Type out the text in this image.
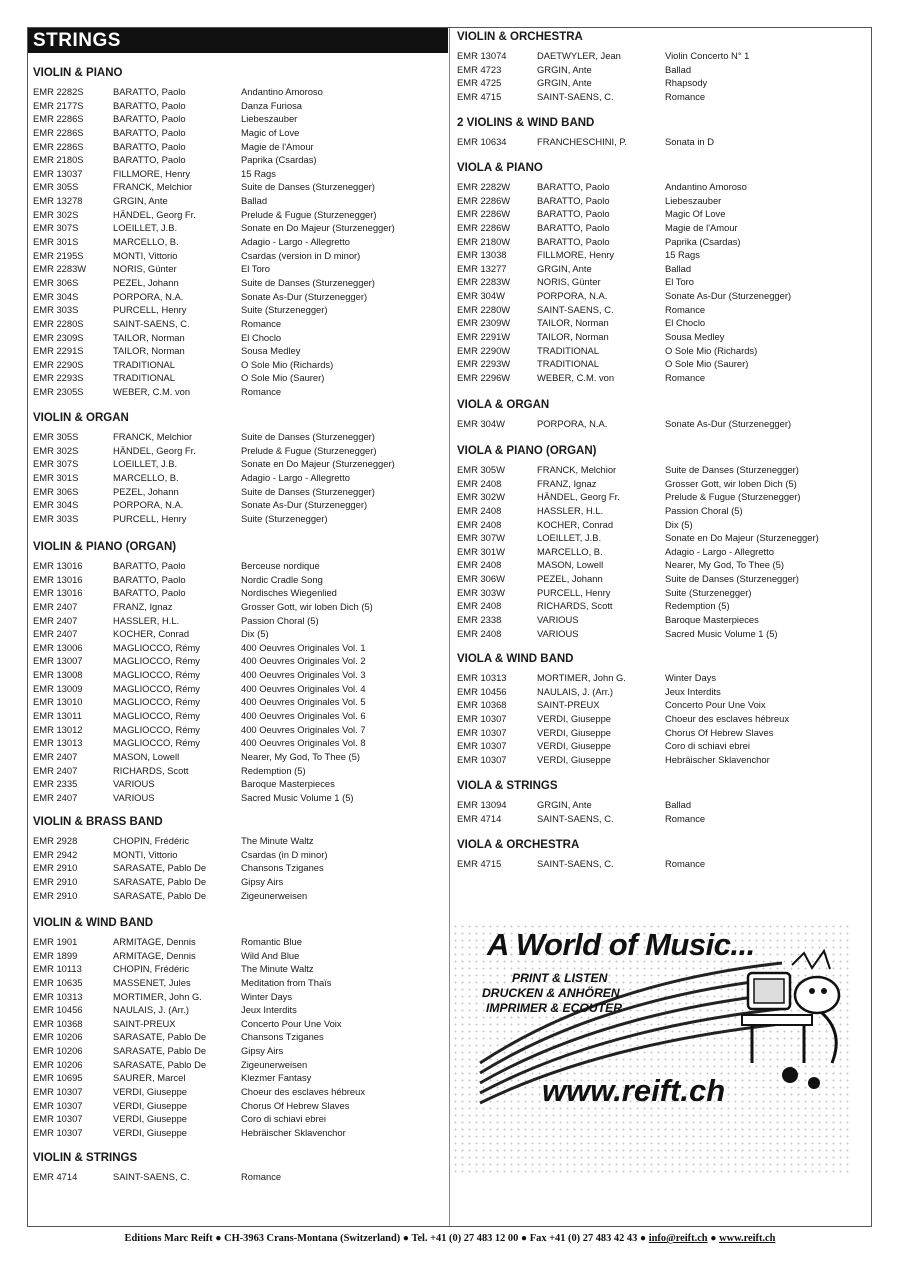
STRINGS
VIOLIN & PIANO
EMR 2282S	BARATTO, Paolo	Andantino Amoroso
EMR 2177S	BARATTO, Paolo	Danza Furiosa
EMR 2286S	BARATTO, Paolo	Liebeszauber
EMR 2286S	BARATTO, Paolo	Magic of Love
EMR 2286S	BARATTO, Paolo	Magie de l'Amour
EMR 2180S	BARATTO, Paolo	Paprika (Csardas)
EMR 13037	FILLMORE, Henry	15 Rags
EMR 305S	FRANCK, Melchior	Suite de Danses (Sturzenegger)
EMR 13278	GRGIN, Ante	Ballad
EMR 302S	HÄNDEL, Georg Fr.	Prelude & Fugue (Sturzenegger)
EMR 307S	LOEILLET, J.B.	Sonate en Do Majeur (Sturzenegger)
EMR 301S	MARCELLO, B.	Adagio - Largo - Allegretto
EMR 2195S	MONTI, Vittorio	Csardas (version in D minor)
EMR 2283W	NORIS, Günter	El Toro
EMR 306S	PEZEL, Johann	Suite de Danses (Sturzenegger)
EMR 304S	PORPORA, N.A.	Sonate As-Dur (Sturzenegger)
EMR 303S	PURCELL, Henry	Suite (Sturzenegger)
EMR 2280S	SAINT-SAENS, C.	Romance
EMR 2309S	TAILOR, Norman	El Choclo
EMR 2291S	TAILOR, Norman	Sousa Medley
EMR 2290S	TRADITIONAL	O Sole Mio (Richards)
EMR 2293S	TRADITIONAL	O Sole Mio (Saurer)
EMR 2305S	WEBER, C.M. von	Romance
VIOLIN & ORGAN
EMR 305S	FRANCK, Melchior	Suite de Danses (Sturzenegger)
EMR 302S	HÄNDEL, Georg Fr.	Prelude & Fugue (Sturzenegger)
EMR 307S	LOEILLET, J.B.	Sonate en Do Majeur (Sturzenegger)
EMR 301S	MARCELLO, B.	Adagio - Largo - Allegretto
EMR 306S	PEZEL, Johann	Suite de Danses (Sturzenegger)
EMR 304S	PORPORA, N.A.	Sonate As-Dur (Sturzenegger)
EMR 303S	PURCELL, Henry	Suite (Sturzenegger)
VIOLIN & PIANO (ORGAN)
EMR 13016	BARATTO, Paolo	Berceuse nordique
EMR 13016	BARATTO, Paolo	Nordic Cradle Song
EMR 13016	BARATTO, Paolo	Nordisches Wiegenlied
EMR 2407	FRANZ, Ignaz	Grosser Gott, wir loben Dich (5)
EMR 2407	HASSLER, H.L.	Passion Choral (5)
EMR 2407	KOCHER, Conrad	Dix (5)
EMR 13006	MAGLIOCCO, Rémy	400 Oeuvres Originales Vol. 1
EMR 13007	MAGLIOCCO, Rémy	400 Oeuvres Originales Vol. 2
EMR 13008	MAGLIOCCO, Rémy	400 Oeuvres Originales Vol. 3
EMR 13009	MAGLIOCCO, Rémy	400 Oeuvres Originales Vol. 4
EMR 13010	MAGLIOCCO, Rémy	400 Oeuvres Originales Vol. 5
EMR 13011	MAGLIOCCO, Rémy	400 Oeuvres Originales Vol. 6
EMR 13012	MAGLIOCCO, Rémy	400 Oeuvres Originales Vol. 7
EMR 13013	MAGLIOCCO, Rémy	400 Oeuvres Originales Vol. 8
EMR 2407	MASON, Lowell	Nearer, My God, To Thee (5)
EMR 2407	RICHARDS, Scott	Redemption (5)
EMR 2335	VARIOUS	Baroque Masterpieces
EMR 2407	VARIOUS	Sacred Music Volume 1 (5)
VIOLIN & BRASS BAND
EMR 2928	CHOPIN, Frédéric	The Minute Waltz
EMR 2942	MONTI, Vittorio	Csardas (in D minor)
EMR 2910	SARASATE, Pablo De	Chansons Tziganes
EMR 2910	SARASATE, Pablo De	Gipsy Airs
EMR 2910	SARASATE, Pablo De	Zigeunerweisen
VIOLIN & WIND BAND
EMR 1901	ARMITAGE, Dennis	Romantic Blue
EMR 1899	ARMITAGE, Dennis	Wild And Blue
EMR 10113	CHOPIN, Frédéric	The Minute Waltz
EMR 10635	MASSENET, Jules	Meditation from Thaïs
EMR 10313	MORTIMER, John G.	Winter Days
EMR 10456	NAULAIS, J. (Arr.)	Jeux Interdits
EMR 10368	SAINT-PREUX	Concerto Pour Une Voix
EMR 10206	SARASATE, Pablo De	Chansons Tziganes
EMR 10206	SARASATE, Pablo De	Gipsy Airs
EMR 10206	SARASATE, Pablo De	Zigeunerweisen
EMR 10695	SAURER, Marcel	Klezmer Fantasy
EMR 10307	VERDI, Giuseppe	Choeur des esclaves hébreux
EMR 10307	VERDI, Giuseppe	Chorus Of Hebrew Slaves
EMR 10307	VERDI, Giuseppe	Coro di schiavi ebrei
EMR 10307	VERDI, Giuseppe	Hebräischer Sklavenchor
VIOLIN & STRINGS
EMR 4714	SAINT-SAENS, C.	Romance
VIOLIN & ORCHESTRA
EMR 13074	DAETWYLER, Jean	Violin Concerto N° 1
EMR 4723	GRGIN, Ante	Ballad
EMR 4725	GRGIN, Ante	Rhapsody
EMR 4715	SAINT-SAENS, C.	Romance
2 VIOLINS & WIND BAND
EMR 10634	FRANCHESCHINI, P.	Sonata in D
VIOLA & PIANO
EMR 2282W	BARATTO, Paolo	Andantino Amoroso
EMR 2286W	BARATTO, Paolo	Liebeszauber
EMR 2286W	BARATTO, Paolo	Magic Of Love
EMR 2286W	BARATTO, Paolo	Magie de l'Amour
EMR 2180W	BARATTO, Paolo	Paprika (Csardas)
EMR 13038	FILLMORE, Henry	15 Rags
EMR 13277	GRGIN, Ante	Ballad
EMR 2283W	NORIS, Günter	El Toro
EMR 304W	PORPORA, N.A.	Sonate As-Dur (Sturzenegger)
EMR 2280W	SAINT-SAENS, C.	Romance
EMR 2309W	TAILOR, Norman	El Choclo
EMR 2291W	TAILOR, Norman	Sousa Medley
EMR 2290W	TRADITIONAL	O Sole Mio (Richards)
EMR 2293W	TRADITIONAL	O Sole Mio (Saurer)
EMR 2296W	WEBER, C.M. von	Romance
VIOLA & ORGAN
EMR 304W	PORPORA, N.A.	Sonate As-Dur (Sturzenegger)
VIOLA & PIANO (ORGAN)
EMR 305W	FRANCK, Melchior	Suite de Danses (Sturzenegger)
EMR 2408	FRANZ, Ignaz	Grosser Gott, wir loben Dich (5)
EMR 302W	HÄNDEL, Georg Fr.	Prelude & Fugue (Sturzenegger)
EMR 2408	HASSLER, H.L.	Passion Choral (5)
EMR 2408	KOCHER, Conrad	Dix (5)
EMR 307W	LOEILLET, J.B.	Sonate en Do Majeur (Sturzenegger)
EMR 301W	MARCELLO, B.	Adagio - Largo - Allegretto
EMR 2408	MASON, Lowell	Nearer, My God, To Thee (5)
EMR 306W	PEZEL, Johann	Suite de Danses (Sturzenegger)
EMR 303W	PURCELL, Henry	Suite (Sturzenegger)
EMR 2408	RICHARDS, Scott	Redemption (5)
EMR 2338	VARIOUS	Baroque Masterpieces
EMR 2408	VARIOUS	Sacred Music Volume 1 (5)
VIOLA & WIND BAND
EMR 10313	MORTIMER, John G.	Winter Days
EMR 10456	NAULAIS, J. (Arr.)	Jeux Interdits
EMR 10368	SAINT-PREUX	Concerto Pour Une Voix
EMR 10307	VERDI, Giuseppe	Choeur des esclaves hébreux
EMR 10307	VERDI, Giuseppe	Chorus Of Hebrew Slaves
EMR 10307	VERDI, Giuseppe	Coro di schiavi ebrei
EMR 10307	VERDI, Giuseppe	Hebräischer Sklavenchor
VIOLA & STRINGS
EMR 13094	GRGIN, Ante	Ballad
EMR 4714	SAINT-SAENS, C.	Romance
VIOLA & ORCHESTRA
EMR 4715	SAINT-SAENS, C.	Romance
A World of Music...
PRINT & LISTEN
DRUCKEN & ANHÖREN
IMPRIMER & ECOUTER
www.reift.ch
Editions Marc Reift ● CH-3963 Crans-Montana (Switzerland) ● Tel. +41 (0) 27 483 12 00 ● Fax +41 (0) 27 483 42 43 ● info@reift.ch ● www.reift.ch
